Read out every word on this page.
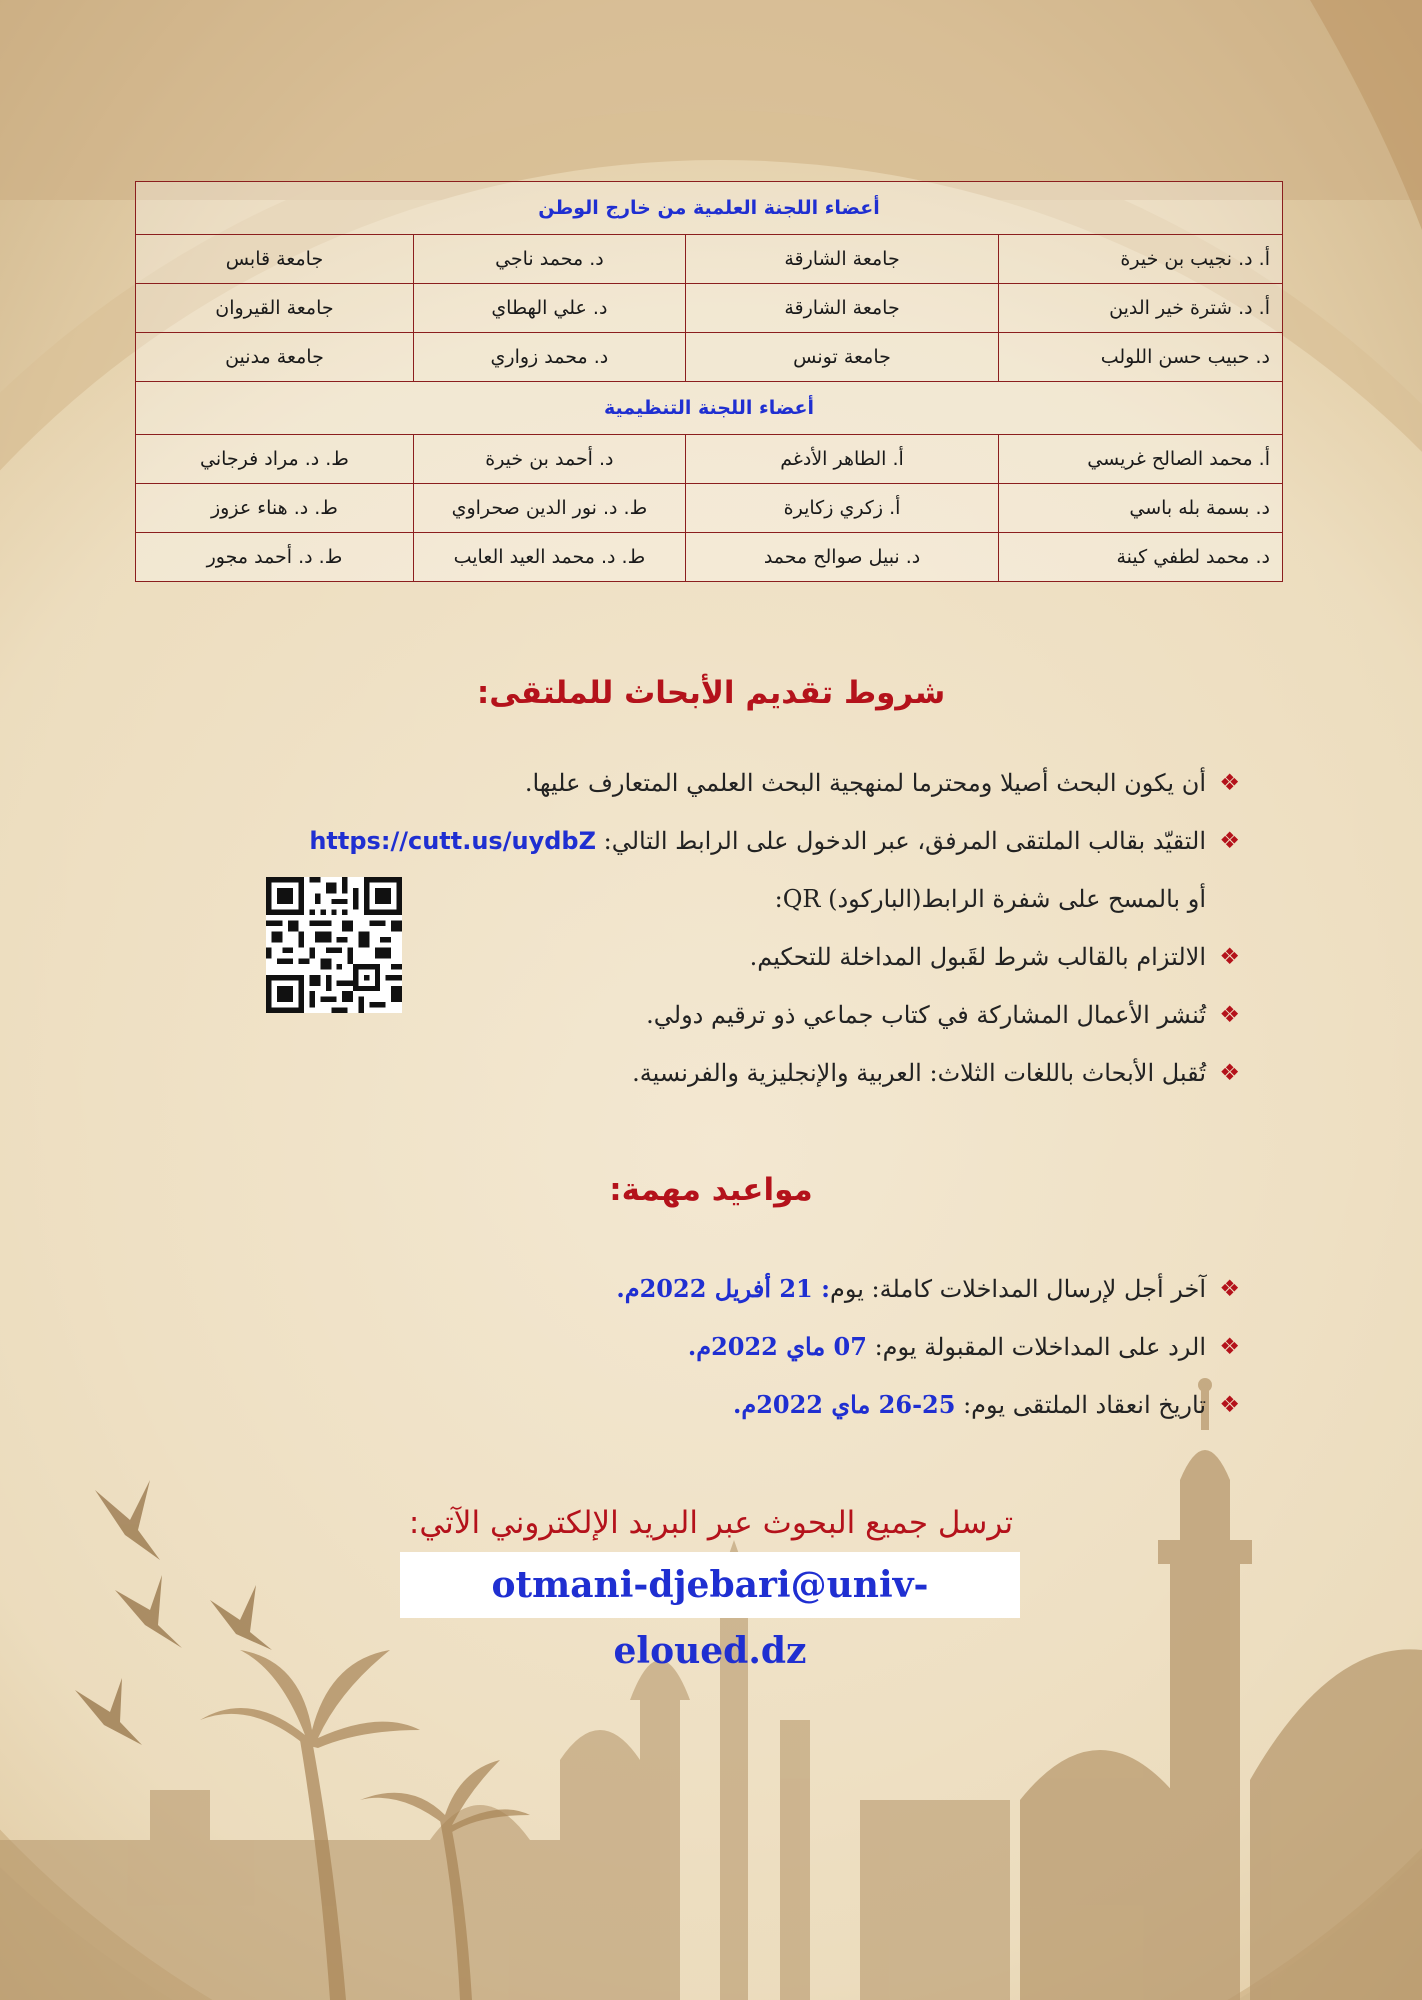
أعضاء اللجنة العلمية من خارج الوطن			
أ. د. نجيب بن خيرة	جامعة الشارقة	د. محمد ناجي	جامعة قابس
أ. د. شترة خير الدين	جامعة الشارقة	د. علي الهطاي	جامعة القيروان
د. حبيب حسن اللولب	جامعة تونس	د. محمد زواري	جامعة مدنين
أعضاء اللجنة التنظيمية			
أ. محمد الصالح غريسي	أ. الطاهر الأدغم	د. أحمد بن خيرة	ط. د. مراد فرجاني
د. بسمة بله باسي	أ. زكري زكايرة	ط. د. نور الدين صحراوي	ط. د. هناء عزوز
د. محمد لطفي كينة	د. نبيل صوالح محمد	ط. د. محمد العيد العايب	ط. د. أحمد مجور
شروط تقديم الأبحاث للملتقى:
❖
أن يكون البحث أصيلا ومحترما لمنهجية البحث العلمي المتعارف عليها.
❖
التقيّد بقالب الملتقى المرفق، عبر الدخول على الرابط التالي: https://cutt.us/uydbZ
أو بالمسح على شفرة الرابط(الباركود) QR:
❖
الالتزام بالقالب شرط لقَبول المداخلة للتحكيم.
❖
تُنشر الأعمال المشاركة في كتاب جماعي ذو ترقيم دولي.
❖
تُقبل الأبحاث باللغات الثلاث: العربية والإنجليزية والفرنسية.
مواعيد مهمة:
❖
آخر أجل لإرسال المداخلات كاملة: يوم: 21 أفريل 2022م.
❖
الرد على المداخلات المقبولة يوم: 07 ماي 2022م.
❖
تاريخ انعقاد الملتقى يوم: 25-26 ماي 2022م.
ترسل جميع البحوث عبر البريد الإلكتروني الآتي:
otmani-djebari@univ-eloued.dz
